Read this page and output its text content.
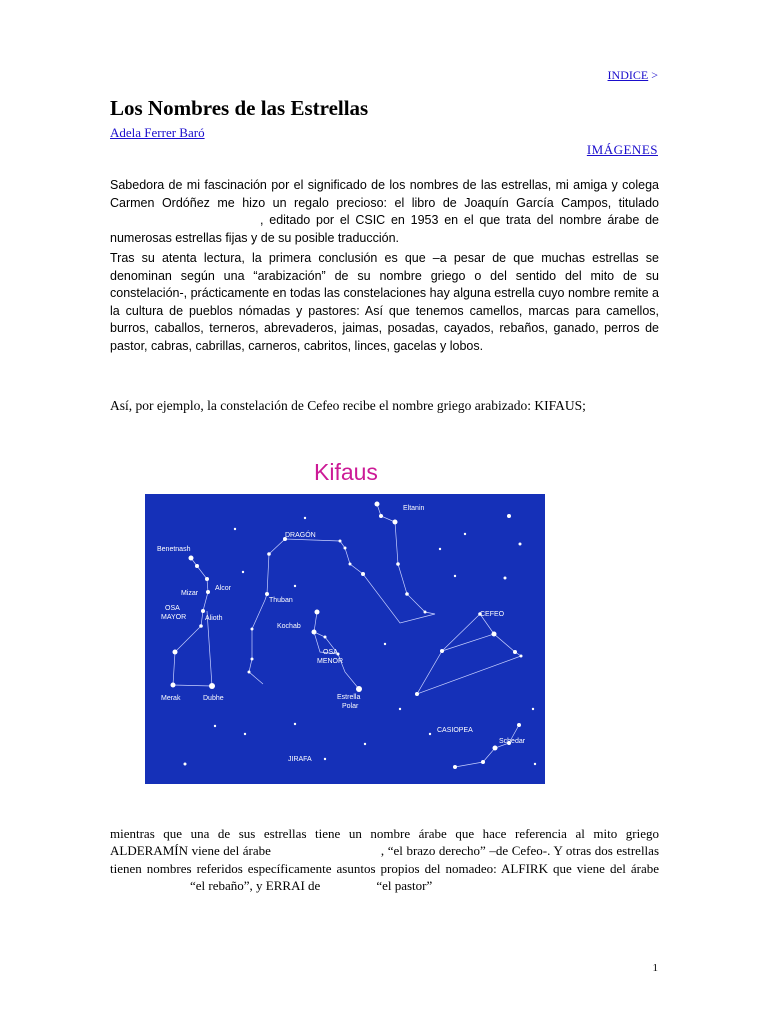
INDICE >
Los Nombres de las Estrellas
Adela Ferrer Baró
IMÁGENES

Sabedora de mi fascinación por el significado de los nombres de las estrellas, mi amiga y colega Carmen Ordóñez me hizo un regalo precioso: el libro de Joaquín García Campos, titulado, editado por el CSIC en 1953 en el que trata del nombre árabe de numerosas estrellas fijas y de su posible traducción.

Tras su atenta lectura, la primera conclusión es que –a pesar de que muchas estrellas se denominan según una “arabización” de su nombre griego o del sentido del mito de su constelación-, prácticamente en todas las constelaciones hay alguna estrella cuyo nombre remite a la cultura de pueblos nómadas y pastores: Así que tenemos camellos, marcas para camellos, burros, caballos, terneros, abrevaderos, jaimas, posadas, cayados, rebaños, ganado, perros de pastor, cabras, cabrillas, carneros, cabritos, linces, gacelas y lobos.

Así, por ejemplo, la constelación de Cefeo recibe el nombre griego arabizado: KIFAUS;

Kifaus
Eltanin
DRAGÓN
Benetnash
Mizar
Alcor
OSA
MAYOR	Alioth
Thuban
Kochab
OSA
MENOR
Merak	Dubhe	Estrella
Polar
CEFEO
CASIOPEA
Schedar
JIRAFA

mientras que una de sus estrellas tiene un nombre árabe que hace referencia al mito griego ALDERAMÍN viene del árabe	, “el brazo derecho” –de Cefeo-. Y otras dos estrellas tienen nombres referidos específicamente asuntos propios del nomadeo: ALFIRK que viene del árabe“el rebaño”, y ERRAI de	“el pastor”

1
